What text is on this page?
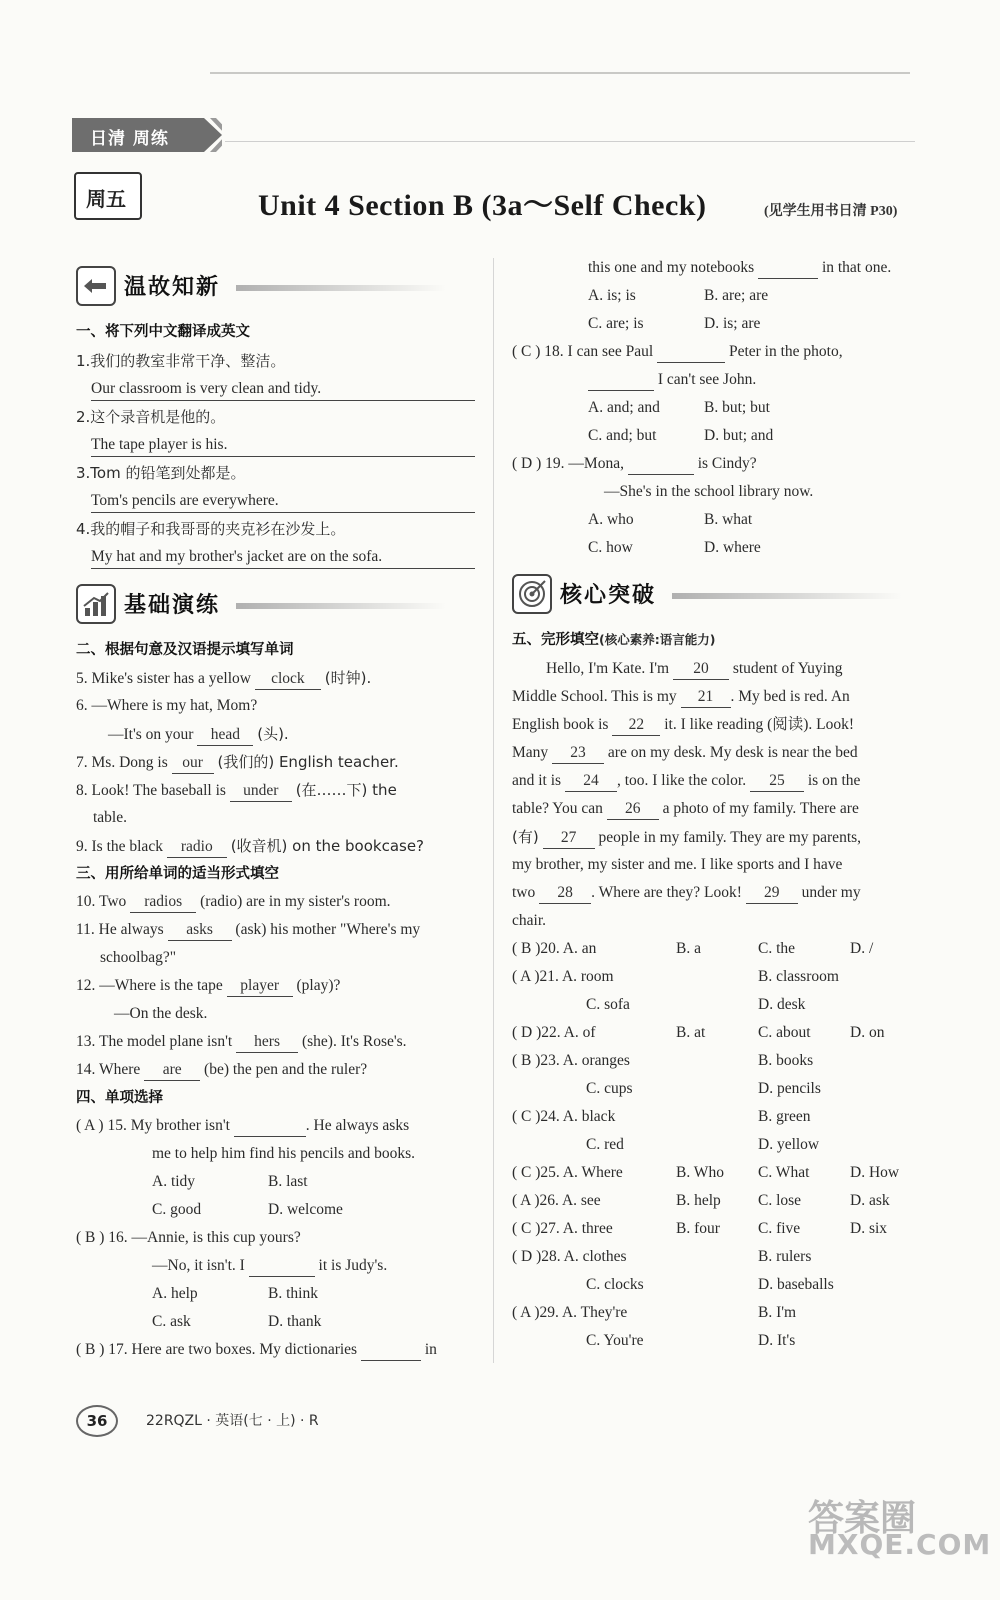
日清 周练
周五	Unit 4 Section B (3a～Self Check)	(见学生用书日清 P30)
温故知新
一、将下列中文翻译成英文
1.我们的教室非常干净、整洁。
Our classroom is very clean and tidy.
2.这个录音机是他的。
The tape player is his.
3.Tom 的铅笔到处都是。
Tom's pencils are everywhere.
4.我的帽子和我哥哥的夹克衫在沙发上。
My hat and my brother's jacket are on the sofa.
基础演练
二、根据句意及汉语提示填写单词
5. Mike's sister has a yellow clock (时钟).
6. —Where is my hat, Mom?
—It's on your head (头).
7. Ms. Dong is our (我们的) English teacher.
8. Look! The baseball is under (在……下) the
table.
9. Is the black radio (收音机) on the bookcase?
三、用所给单词的适当形式填空
10. Two radios (radio) are in my sister's room.
11. He always asks (ask) his mother "Where's my
schoolbag?"
12. —Where is the tape player (play)?
—On the desk.
13. The model plane isn't hers (she). It's Rose's.
14. Where are (be) the pen and the ruler?
四、单项选择
( A ) 15. My brother isn't	. He always asks
me to help him find his pencils and books.
A. tidy	B. last
C. good	D. welcome
( B ) 16. —Annie, is this cup yours?
—No, it isn't. I	it is Judy's.
A. help	B. think
C. ask	D. thank
( B ) 17. Here are two boxes. My dictionaries	in
this one and my notebooks	in that one.
A. is; is	B. are; are
C. are; is	D. is; are
( C ) 18. I can see Paul	Peter in the photo,
I can't see John.
A. and; and	B. but; but
C. and; but	D. but; and
( D ) 19. —Mona,	is Cindy?
—She's in the school library now.
A. who	B. what
C. how	D. where
核心突破
五、完形填空(核心素养:语言能力)
Hello, I'm Kate. I'm 20 student of Yuying
Middle School. This is my 21 . My bed is red. An
English book is 22 it. I like reading (阅读). Look!
Many 23 are on my desk. My desk is near the bed
and it is 24 , too. I like the color. 25 is on the
table? You can 26 a photo of my family. There are
(有) 27 people in my family. They are my parents,
my brother, my sister and me. I like sports and I have
two 28 . Where are they? Look! 29 under my
chair.
( B )20. A. an	B. a	C. the	D. /
( A )21. A. room	B. classroom
C. sofa	D. desk
( D )22. A. of	B. at	C. about	D. on
( B )23. A. oranges	B. books
C. cups	D. pencils
( C )24. A. black	B. green
C. red	D. yellow
( C )25. A. Where	B. Who C. What	D. How
( A )26. A. see	B. help C. lose	D. ask
( C )27. A. three	B. four C. five	D. six
( D )28. A. clothes	B. rulers
C. clocks	D. baseballs
( A )29. A. They're	B. I'm
C. You're	D. It's
36	22RQZL · 英语(七 · 上) · R
答案圈
MXQE.COM
